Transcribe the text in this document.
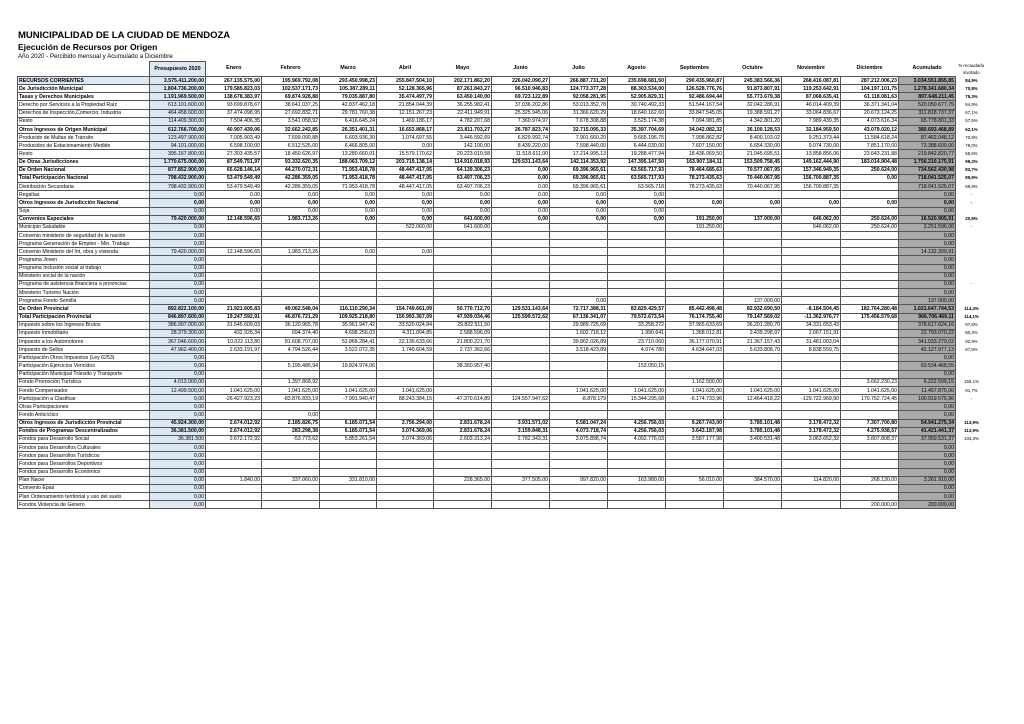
MUNICIPALIDAD DE LA CIUDAD DE MENDOZA
Ejecución de Recursos por Origen
Año 2020 - Percibido mensual y Acumulado a Diciembre
	Presupuesto 2020	Enero	Febrero	Marzo	Abril	Mayo	Junio	Julio	Agosto	Septiembre	Octubre	Noviembre	Diciembre	Acumulado	% recaudado s/votado
RECURSOS CORRIENTES	3.575.411.200,00	267.135.575,00	195.969.792,08	293.450.998,23	255.847.504,10	202.171.862,20	226.042.090,27	266.887.731,20	235.698.681,50	290.435.960,87	245.383.566,36	268.416.087,81	287.212.006,23	3.034.551.855,85	84,9%
De Jurisdicción Municipal	1.804.736.200,00	179.585.823,03	102.537.171,73	105.387.289,11	52.128.365,96	87.261.843,27	96.510.946,83	124.773.377,28	88.303.534,00	126.528.776,76	91.873.807,91	119.253.642,91	104.197.101,75	1.278.341.680,34	70,8%
Tasas y Derechos Municipales	1.191.969.500,00	138.678.383,97	69.874.928,88	79.035.887,80	35.474.497,79	63.450.140,00	69.723.122,89	92.058.281,95	52.905.829,31	92.486.694,44	55.773.679,38	87.068.635,41	61.118.081,63	897.648.211,45	75,3%
Derecho por Servicios a la Propiedad Raíz	613.101.600,00	93.699.878,67	38.641.037,25	42.837.462,18	21.854.044,39	36.255.982,41	37.036.202,86	53.013.352,78	30.740.492,33	51.544.167,54	32.042.286,91	46.014.409,39	36.371.341,04	520.050.677,75	84,8%
Derechos de Inspección,Comercio, Industria	464.458.600,00	37.474.098,95	27.692.832,71	29.781.760,38	12.151.267,23	22.411.949,91	25.325.945,06	31.366.620,29	18.640.162,60	33.847.545,05	19.388.591,27	33.064.836,67	20.673.124,25	311.818.737,37	67,1%
Resto	114.409.300,00	7.504.406,35	3.541.058,92	6.416.645,24	1.469.186,17	4.782.207,68	7.360.974,97	7.678.308,88	3.525.174,38	7.094.981,85	4.342.801,20	7.989.439,35	4.073.616,34	65.778.801,33	57,5%
Otros Ingresos de Origen Municipal	612.766.700,00	40.907.439,06	32.662.242,85	26.351.401,31	16.653.868,17	23.811.703,27	26.787.823,74	32.715.095,33	35.397.704,69	34.042.082,32	36.100.128,53	32.184.959,50	43.079.020,12	380.693.468,89	62,1%
Producido de Multas de Tránsito	123.497.900,00	7.005.903,49	7.699.090,88	6.603.936,30	1.074.697,55	3.446.592,69	6.829.992,74	7.901.660,20	9.665.196,75	7.998.862,82	8.400.103,02	9.251.373,44	11.584.618,24	87.462.048,12	70,8%
Producidos de Estacionamiento Medido	94.101.000,00	6.598.100,00	6.512.525,00	6.466.805,00	0,00	142.100,00	8.439.220,00	7.598.440,00	6.444.030,00	7.607.150,00	6.654.330,00	9.074.730,00	7.851.170,00	73.388.600,00	78,0%
Resto	395.167.800,00	27.303.435,57	18.450.626,97	13.280.660,01	15.579.170,62	20.223.010,58	11.518.611,00	17.214.995,13	19.288.477,94	18.436.069,50	21.045.695,51	13.858.856,06	23.643.231,88	219.842.820,77	55,6%
De Otras Jurisdicciones	1.770.675.000,00	87.549.751,97	93.332.620,35	188.063.709,12	203.719.138,14	114.910.018,93	129.531.143,64	142.114.353,92	147.395.147,50	163.907.184,11	153.509.758,45	149.162.444,90	183.014.904,48	1.756.210.175,91	99,2%
De Orden Nacional	877.852.900,00	65.628.146,14	44.270.072,31	71.953.418,78	48.447.417,05	64.139.306,23	0,00	69.396.965,61	63.565.717,93	78.464.685,63	70.577.067,95	157.346.949,35	250.624,00	734.562.430,98	83,7%
Total Participación Nacional	798.432.900,00	53.479.549,49	42.286.359,05	71.953.418,78	48.447.417,05	63.497.706,23	0,00	69.396.965,61	63.565.717,93	78.273.435,63	70.440.067,95	156.700.887,35	0,00	718.041.525,07	89,9%
Distribución Secundaria	798.432.900,00	53.479.549,49	42.286.359,05	71.953.418,78	48.447.417,05	63.497.706,23	0,00	69.396.965,61	63.565.718	78.273.435,63	70.440.067,95	156.700.887,35		718.041.525,07	89,9%
Regalías	0,00	0,00	0,00	0,00	0,00	0,00	0,00	0,00	0,00					0,00	-
Otros Ingresos de Jurisdicción Nacional	0,00	0,00	0,00	0,00	0,00	0,00	0,00	0,00	0,00	0,00	0,00	0,00	0,00	0,00	-
Soja	0,00	0,00	0,00	0,00	0,00	0,00	0,00	0,00	0,00					0,00	
Convenios Especiales	79.420.000,00	12.148.596,65	1.983.713,26	0,00	0,00	641.600,00	0,00	0,00	0,00	191.250,00	137.000,00	646.062,00	250.624,00	16.520.905,91	20,8%
Municipio Saludable	0,00				522.060,00	641.600,00				191.250,00		646.062,00	250.624,00	2.251.596,00	-
Convenio ministerio de seguridad de la nación	0,00													0,00	
Programa Generación de Empleo - Min. Trabajo	0,00													0,00	
Convenio Ministerio del Int, obra y vivienda	79.420.000,00	12.148.596,65	1.983.713,26	0,00	0,00									14.132.309,91	
Programa Joven	0,00													0,00	
Programa Inclusión social al trabajo	0,00													0,00	
Ministerio social de la nación	0,00													0,00	
Programa de asistencia financiera a provincias	0,00													0,00	-
Ministerio Turismo Nación	0,00													0,00	
Programa Fondo Semilla	0,00							0,00			137.000,00			137.000,00	
De Orden Provincial	892.822.100,00	21.921.605,83	49.062.548,04	116.110.290,34	154.749.661,09	50.770.712,70	129.531.143,64	72.717.388,31	83.829.429,57	85.442.498,48	82.932.690,50	-8.184.504,45	182.764.280,48	1.021.647.744,53	114,4%
Total Participación Provincial	846.897.600,00	19.247.592,91	46.876.721,29	109.925.218,80	150.993.367,09	47.939.034,46	125.599.572,62	67.136.341,07	79.572.673,54	76.174.755,40	79.147.569,02	-11.362.976,77	175.456.579,68	966.706.469,11	114,1%
Impuesto sobre los Ingresos Brutos	386.997.000,00	31.545.609,03	36.120.965,78	35.961.947,42	33.520.024,84	29.822.511,50		29.989.725,69	33.258.272	37.965.633,69	36.201.280,70	34.331.653,43		378.617.624,16	97,8%
Impuesto Inmobiliario	28.379.300,00	432.926,34	694.374,40	4.698.256,03	4.311.094,85	2.588.596,09		1.602.718,12	1.990.641	1.368.012,81	2.439.298,97	2.667.151,91		22.793.070,22	80,3%
Impuesto a los Automotores	367.046.600,00	10.022.113,80	81.608.707,00	52.868.284,41	22.136.633,66	21.800.221,70		39.862.026,89	23.710.060	36.177.070,91	21.367.157,43	31.481.003,04		341.033.279,02	92,9%
Impuesto de Sellos	47.962.400,00	2.633.191,97	4.794.526,44	3.522.072,35	1.740.604,59	2.737.362,66		3.518.423,89	4.074.780	4.634.647,03	5.633.808,70	8.838.559,75		42.127.977,13	87,8%
Participación Otros Impuestos (Ley 6253)	0,00													0,00	
Participación Ejercicios Vencidos	0,00		5.195.486,94	19.824.974,06		38.360.957,40			153.050,15					63.534.468,55	
Participación Municipal Tránsito y Transporte	0,00													0,00	
Fondo Promoción Turística	4.013.000,00		1.397.868,92							1.162.500,00			3.662.230,23	6.222.599,15	155,1%
Fondo Compensador	12.499.500,00	1.041.625,00	1.041.625,00	1.041.625,00	1.041.625,00			1.041.625,00	1.041.625,00	1.041.625,00	1.041.625,00	1.041.625,00	1.041.625,00	11.457.875,00	91,7%
Participación a Clasificar	0,00	-26.427.923,23	-83.876.833,19	-7.991.940,47	88.243.384,15	-47.370.614,89	124.557.947,62	-8.878.179	15.344.295,68	-6.174.733,96	12.464.418,22	-129.722.969,90	170.752.724,45	100.919.575,96	-
Otras Participaciones	0,00													0,00	
Fondo Anticíclico	0,00		0,00											0,00	
Otros Ingresos de Jurisdicción Provincial	45.924.300,00	2.674.012,92	2.185.826,75	6.185.071,54	3.756.294,00	2.831.678,24	3.931.571,02	5.581.047,24	4.256.756,03	9.267.743,00	3.785.101,48	3.178.472,32	7.307.700,80	54.941.275,34	113,9%
Fondos de Programas Descentralizados	36.381.500,00	2.674.012,92	283.298,38	6.185.071,54	3.074.369,06	2.831.678,24	3.159.848,31	4.073.718,74	4.256.756,03	3.643.187,98	3.785.101,48	3.178.472,32	4.275.938,57	41.421.441,37	113,9%
Fondos para Desarrollo Social	36.381.500	2.672.172,92	-53.773,62	5.853.261,54	3.074.369,06	2.603.313,24	2.782.343,31	3.075.898,74	4.092.776,03	3.587.177,98	3.400.531,48	3.063.652,32	3.807.808,37	37.959.531,37	104,3%
Fondos para Desarrollos Culturales	0,00													0,00	
Fondos para Desarrollos Turísticos	0,00													0,00	
Fondos para Desarrollos Deportivos	0,00													0,00	
Fondos para Desarrollo Económico	0,00													0,00	
Plan Nacer	0,00	1.840,00	337.060,00	331.810,00		228.365,00	377.505,00	997.820,00	163.980,00	56.010,00	384.570,00	114.820,00	268.130,00	3.261.910,00	
Convenio Epas	0,00													0,00	
Plan Ordenamiento territorial y uso del suelo	0,00													0,00	
Fondos Violencia de Genero	0,00												200.000,00	200.000,00	
